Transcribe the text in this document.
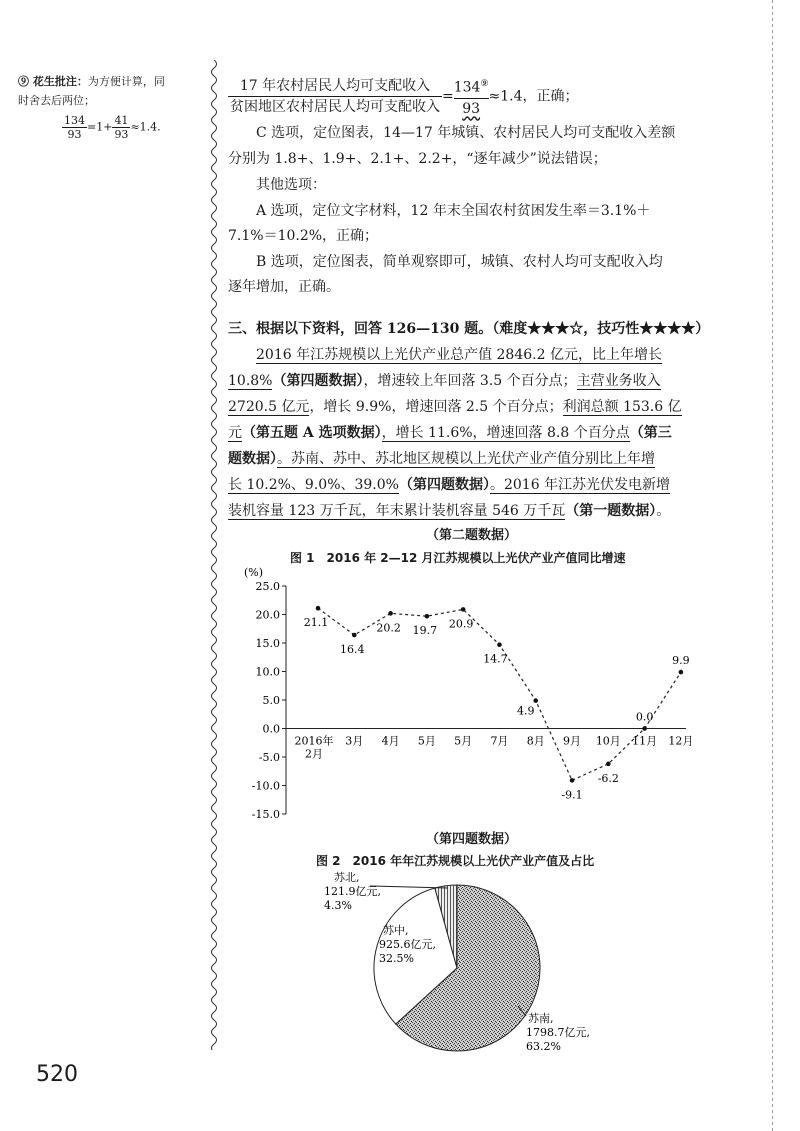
⑨ 花生批注：为方便计算，同
时舍去后两位；
$\frac{134}{93} =1+ \frac{41}{93} \approx 1.4$.
$\frac{\text{17 年农村居民人均可支配收入}}{\text{贫困地区农村居民人均可支配收入}} = \frac{134^⑨}{93} \approx 1.4$，正确；
C 选项，定位图表，14—17 年城镇、农村居民人均可支配收入差额
分别为 1.8+、1.9+、2.1+、2.2+，“逐年减少”说法错误；
其他选项：
A 选项，定位文字材料，12 年末全国农村贫困发生率＝3.1%＋
7.1%＝10.2%，正确；
B 选项，定位图表，简单观察即可，城镇、农村人均可支配收入均
逐年增加，正确。
三、根据以下资料，回答 126—130 题。（难度★★★☆，技巧性★★★★）
2016 年江苏规模以上光伏产业总产值 2846.2 亿元，比上年增长
10.8%（第四题数据），增速较上年回落 3.5 个百分点；主营业务收入
2720.5 亿元，增长 9.9%，增速回落 2.5 个百分点；利润总额 153.6 亿
元（第五题 A 选项数据），增长 11.6%，增速回落 8.8 个百分点（第三
题数据）。苏南、苏中、苏北地区规模以上光伏产业产值分别比上年增
长 10.2%、9.0%、39.0%（第四题数据）。2016 年江苏光伏发电新增
装机容量 123 万千瓦，年末累计装机容量 546 万千瓦（第一题数据）。
（第二题数据）
图 1　2016 年 2—12 月江苏规模以上光伏产业产值同比增速
(%)
25.0
20.0
15.0
10.0
5.0
0.0
-5.0
-10.0
-15.0
21.1
16.4
20.2 19.7
20.9
14.7
4.9
-9.1
-6.2
0.0
9.9
2016年
2月
3月 4月 5月 5月 7月 8月 9月 10月 11月 12月
（第四题数据）
图 2　2016 年年江苏规模以上光伏产业产值及占比
苏南,
1798.7亿元,
63.2%
苏中,
925.6亿元,
32.5%
苏北,
121.9亿元,
4.3%
520
